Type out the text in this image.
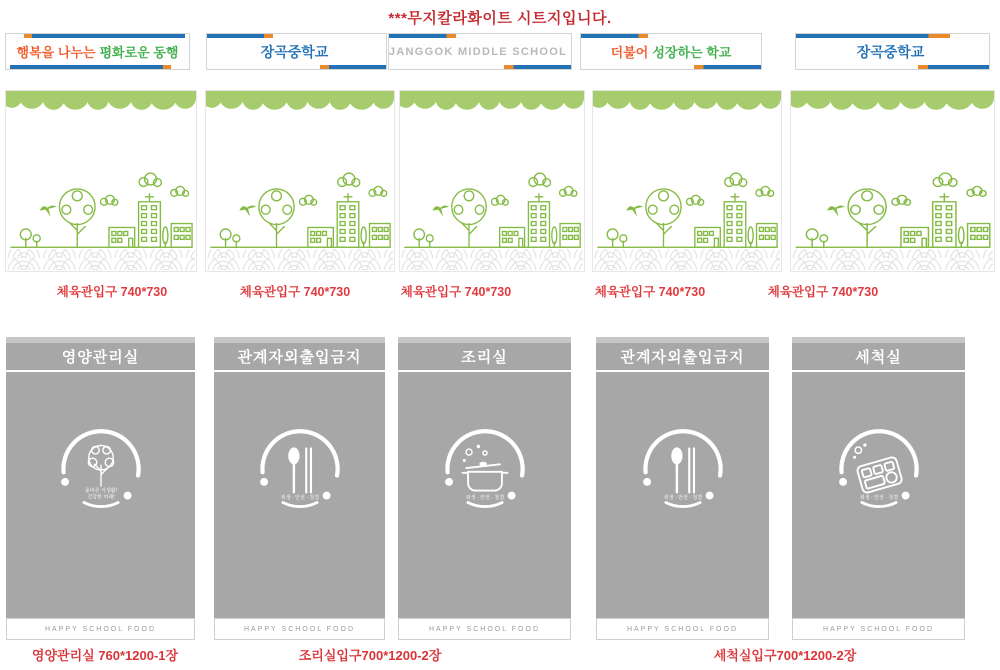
***무지칼라화이트 시트지입니다.
행복을 나누는 평화로운 동행	장곡중학교	JANGGOK MIDDLE SCHOOL	더불어 성장하는 학교	장곡중학교
체육관입구 740*730	체육관입구 740*730	체육관입구 740*730	체육관입구 740*730	체육관입구 740*730
영양관리실
올바른 식생활!
건강한 미래!
HAPPY SCHOOL FOOD
관계자외출입금지
위생 · 안전 · 청결
HAPPY SCHOOL FOOD
조리실
위생 · 안전 · 청결
HAPPY SCHOOL FOOD
관계자외출입금지
위생 · 안전 · 청결
HAPPY SCHOOL FOOD
세척실
위생 · 안전 · 청결
HAPPY SCHOOL FOOD
영양관리실 760*1200-1장	조리실입구700*1200-2장	세척실입구700*1200-2장
